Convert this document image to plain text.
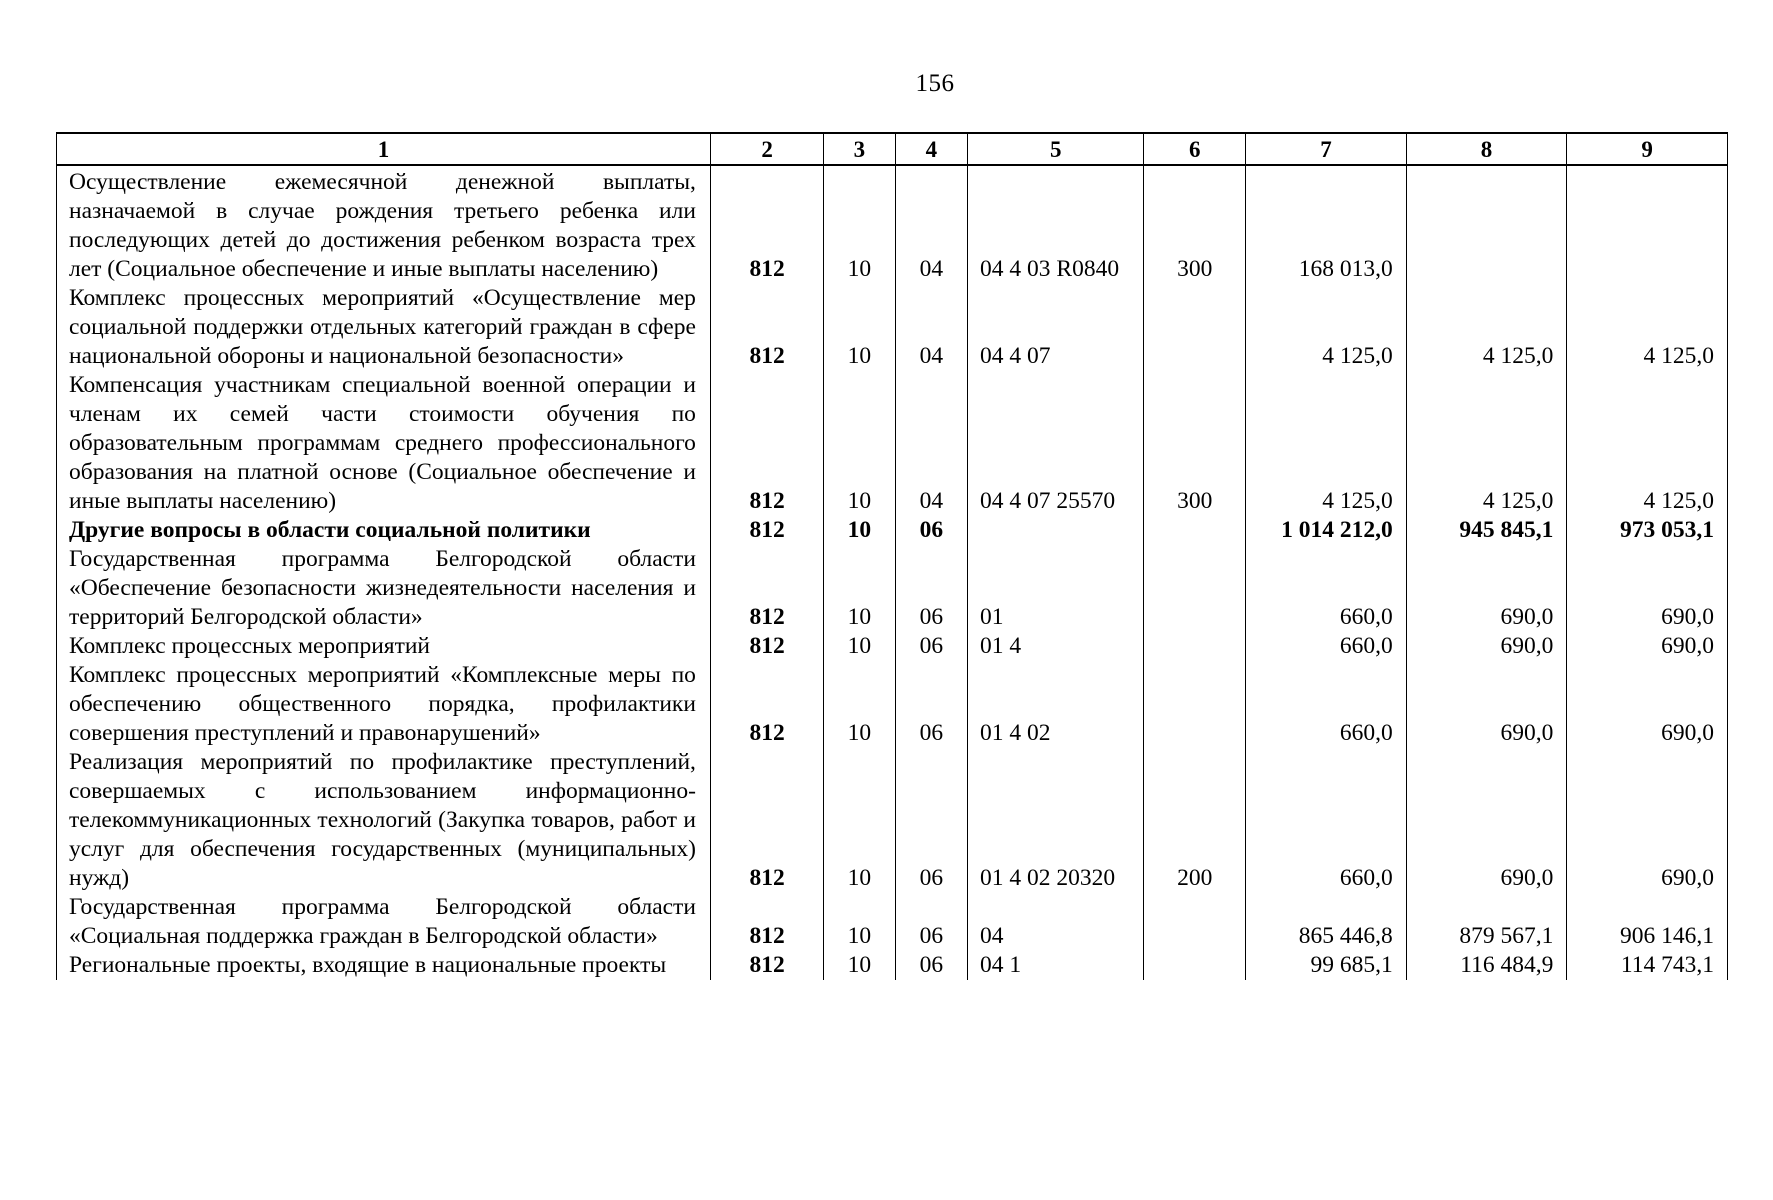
156
1	2	3	4	5	6	7	8	9
Осуществление ежемесячной денежной выплаты, назначаемой в случае рождения третьего ребенка или последующих детей до достижения ребенком возраста трех лет (Социальное обеспечение и иные выплаты населению)	812	10	04	04 4 03 R0840	300	168 013,0		
Комплекс процессных мероприятий «Осуществление мер социальной поддержки отдельных категорий граждан в сфере национальной обороны и национальной безопасности»	812	10	04	04 4 07		4 125,0	4 125,0	4 125,0
Компенсация участникам специальной военной операции и членам их семей части стоимости обучения по образовательным программам среднего профессионального образования на платной основе (Социальное обеспечение и иные выплаты населению)	812	10	04	04 4 07 25570	300	4 125,0	4 125,0	4 125,0
Другие вопросы в области социальной политики	812	10	06			1 014 212,0	945 845,1	973 053,1
Государственная программа Белгородской области «Обеспечение безопасности жизнедеятельности населения и территорий Белгородской области»	812	10	06	01		660,0	690,0	690,0
Комплекс процессных мероприятий	812	10	06	01 4		660,0	690,0	690,0
Комплекс процессных мероприятий «Комплексные меры по обеспечению общественного порядка, профилактики совершения преступлений и правонарушений»	812	10	06	01 4 02		660,0	690,0	690,0
Реализация мероприятий по профилактике преступлений, совершаемых с использованием информационно-телекоммуникационных технологий (Закупка товаров, работ и услуг для обеспечения государственных (муниципальных) нужд)	812	10	06	01 4 02 20320	200	660,0	690,0	690,0
Государственная программа Белгородской области «Социальная поддержка граждан в Белгородской области»	812	10	06	04		865 446,8	879 567,1	906 146,1
Региональные проекты, входящие в национальные проекты	812	10	06	04 1		99 685,1	116 484,9	114 743,1
